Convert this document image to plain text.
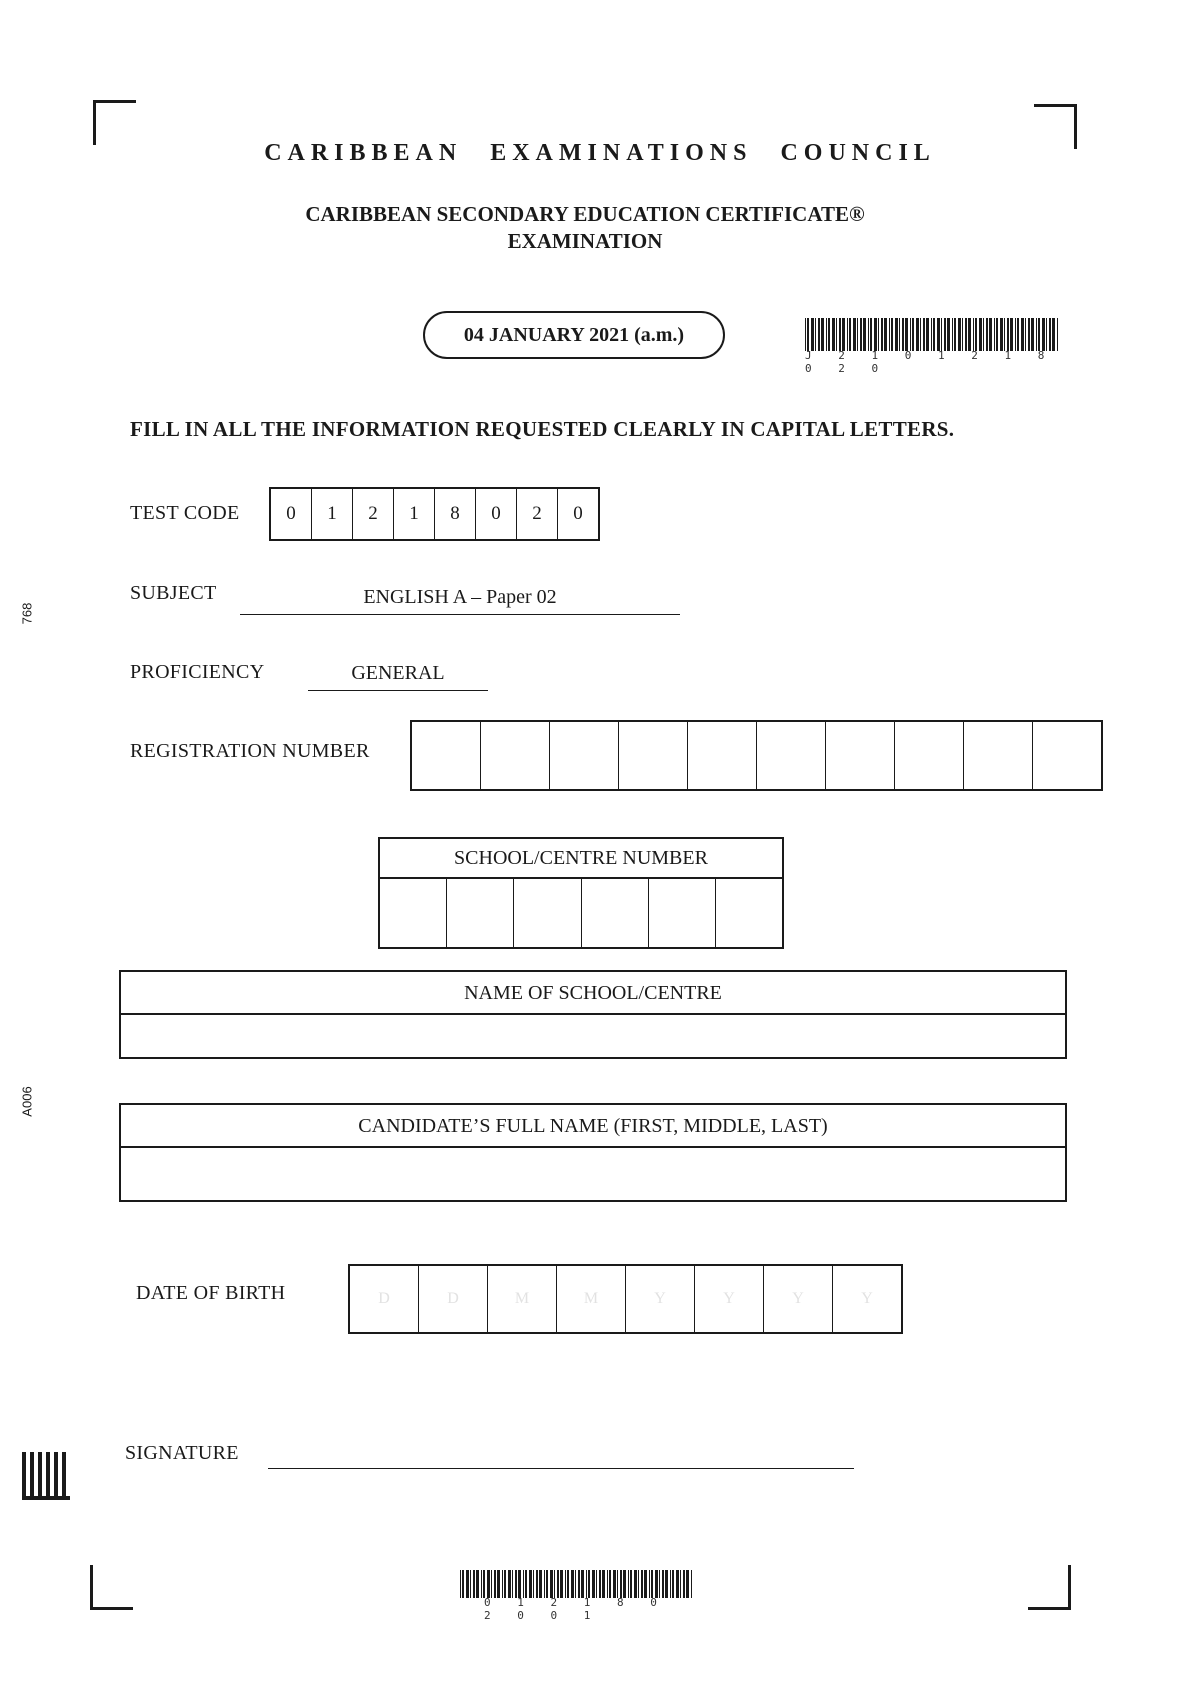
CARIBBEAN EXAMINATIONS COUNCIL
CARIBBEAN SECONDARY EDUCATION CERTIFICATE®
EXAMINATION
04 JANUARY 2021 (a.m.)
J 2 1 0 1 2 1 8 0 2 0
FILL IN ALL THE INFORMATION REQUESTED CLEARLY IN CAPITAL LETTERS.
TEST CODE	0	1	2	1	8	0	2	0
SUBJECT	ENGLISH A – Paper 02
PROFICIENCY	GENERAL
REGISTRATION NUMBER
SCHOOL/CENTRE NUMBER
NAME OF SCHOOL/CENTRE
CANDIDATE’S FULL NAME (FIRST, MIDDLE, LAST)
DATE OF BIRTH	D	D	M	M	Y	Y	Y	Y
SIGNATURE
768
A006
0 1 2 1 8 0 2 0 0 1
